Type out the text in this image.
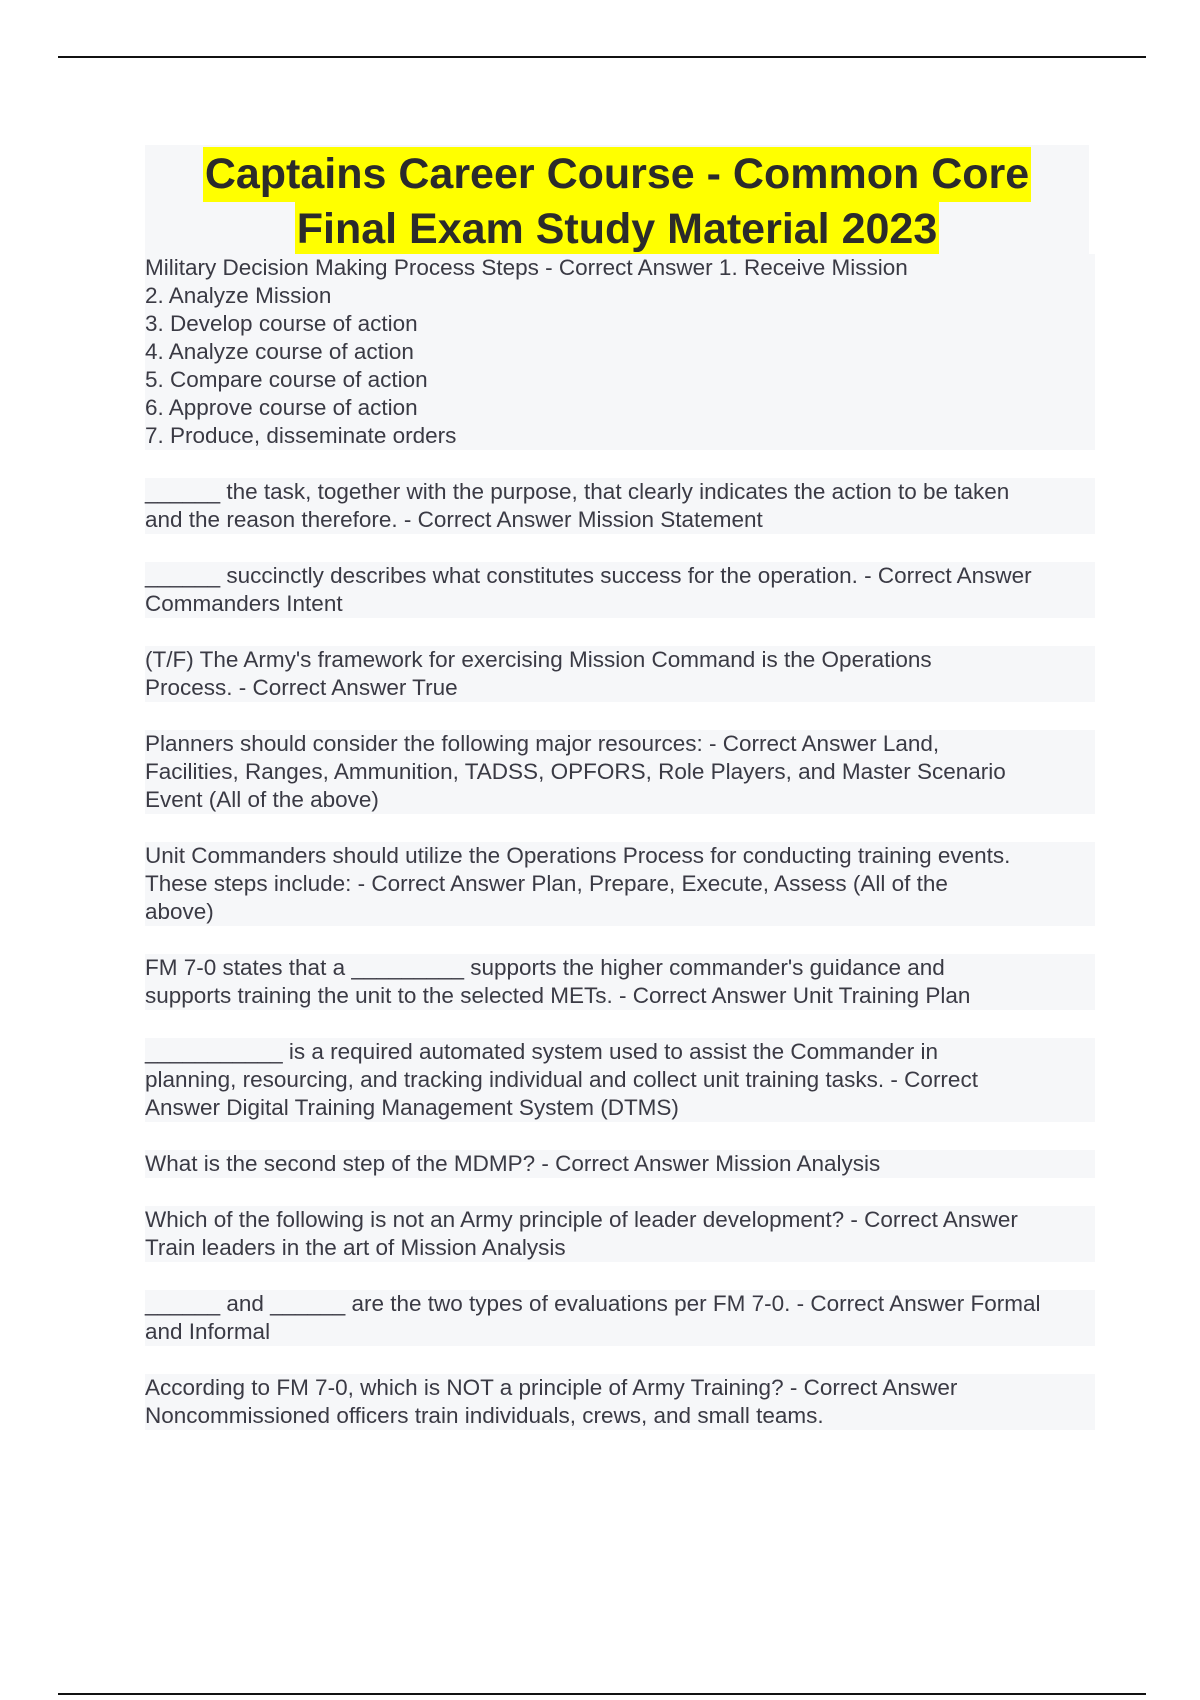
Captains Career Course - Common Core
Final Exam Study Material 2023
Military Decision Making Process Steps - Correct Answer 1. Receive Mission
2. Analyze Mission
3. Develop course of action
4. Analyze course of action
5. Compare course of action
6. Approve course of action
7. Produce, disseminate orders
______ the task, together with the purpose, that clearly indicates the action to be taken
and the reason therefore. - Correct Answer Mission Statement
______ succinctly describes what constitutes success for the operation. - Correct Answer
Commanders Intent
(T/F) The Army's framework for exercising Mission Command is the Operations
Process. - Correct Answer True
Planners should consider the following major resources: - Correct Answer Land,
Facilities, Ranges, Ammunition, TADSS, OPFORS, Role Players, and Master Scenario
Event (All of the above)
Unit Commanders should utilize the Operations Process for conducting training events.
These steps include: - Correct Answer Plan, Prepare, Execute, Assess (All of the
above)
FM 7-0 states that a _________ supports the higher commander's guidance and
supports training the unit to the selected METs. - Correct Answer Unit Training Plan
___________ is a required automated system used to assist the Commander in
planning, resourcing, and tracking individual and collect unit training tasks. - Correct
Answer Digital Training Management System (DTMS)
What is the second step of the MDMP? - Correct Answer Mission Analysis
Which of the following is not an Army principle of leader development? - Correct Answer
Train leaders in the art of Mission Analysis
______ and ______ are the two types of evaluations per FM 7-0. - Correct Answer Formal
and Informal
According to FM 7-0, which is NOT a principle of Army Training? - Correct Answer
Noncommissioned officers train individuals, crews, and small teams.
